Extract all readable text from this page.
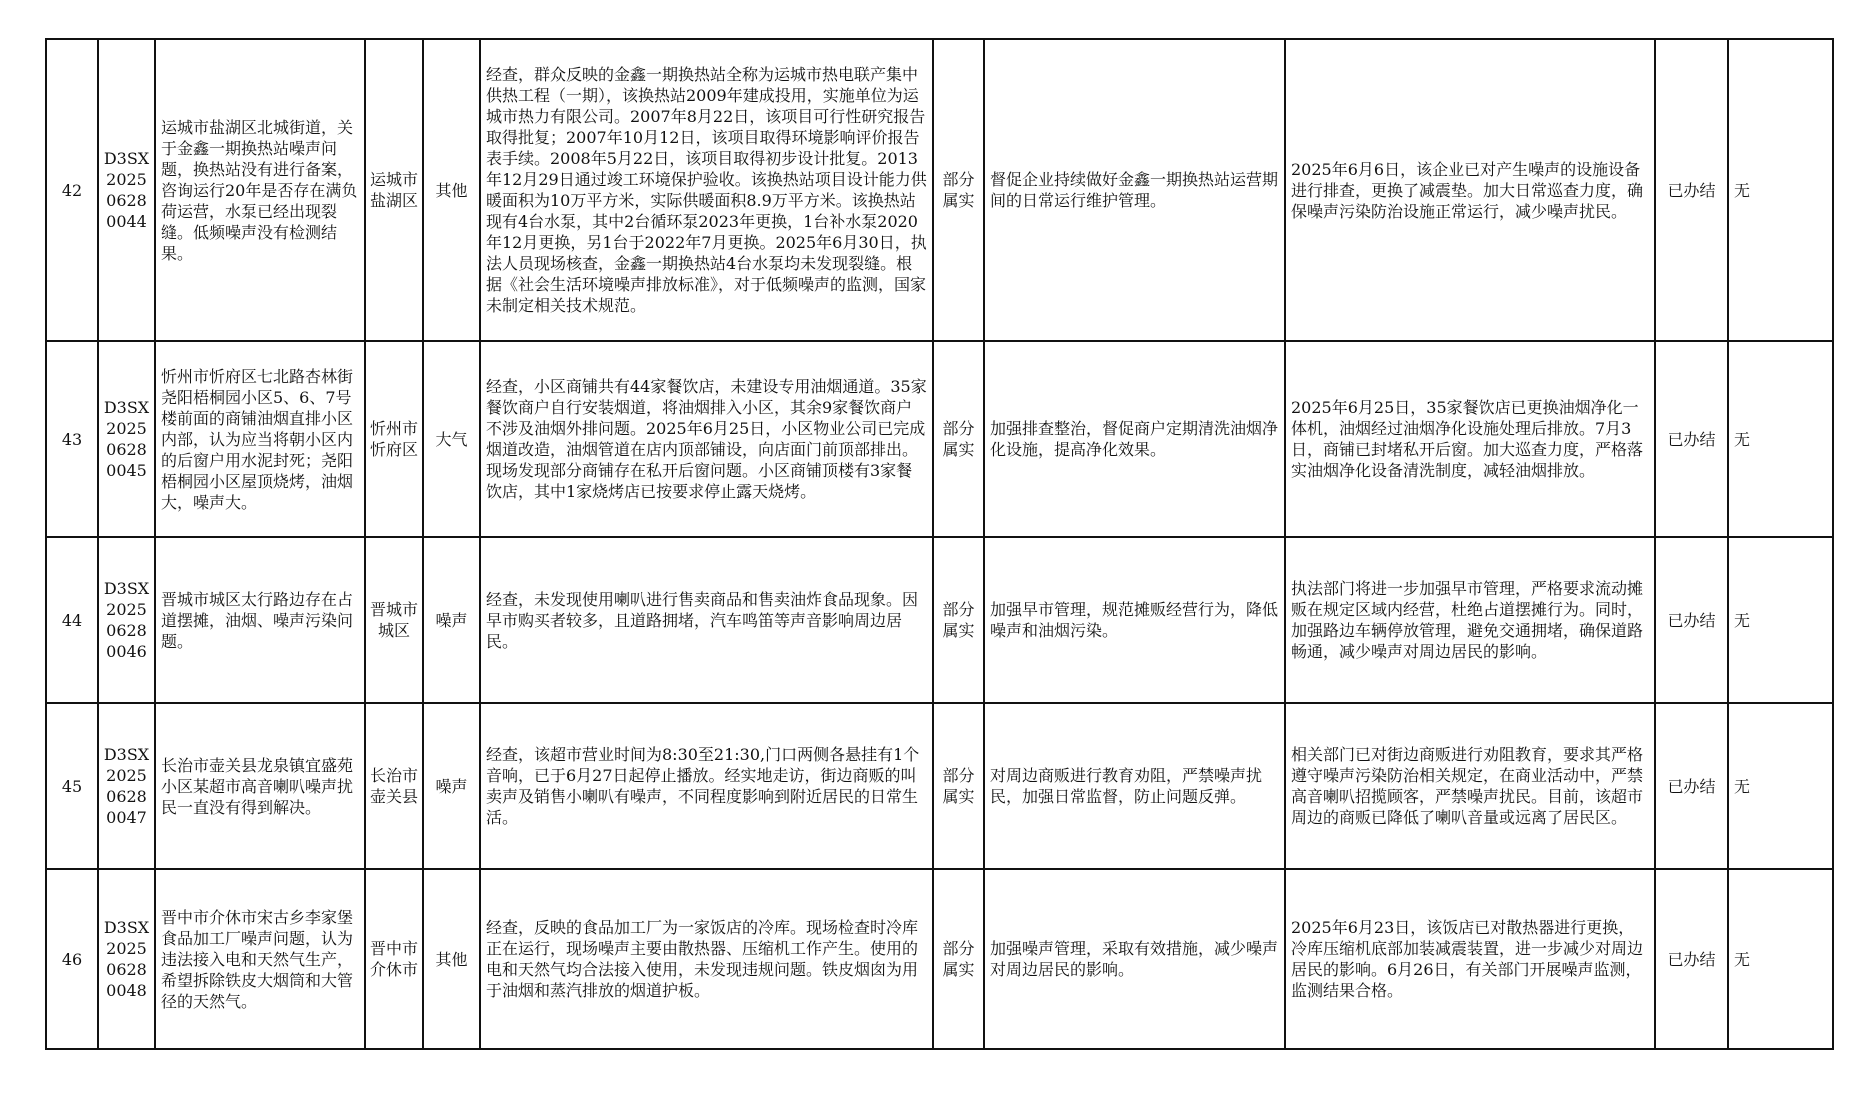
42	D3SX202506280044	运城市盐湖区北城街道，关于金鑫一期换热站噪声问题，换热站没有进行备案，咨询运行20年是否存在满负荷运营，水泵已经出现裂缝。低频噪声没有检测结果。	运城市盐湖区	其他	经查，群众反映的金鑫一期换热站全称为运城市热电联产集中供热工程（一期），该换热站2009年建成投用，实施单位为运城市热力有限公司。2007年8月22日，该项目可行性研究报告取得批复；2007年10月12日，该项目取得环境影响评价报告表手续。2008年5月22日，该项目取得初步设计批复。2013年12月29日通过竣工环境保护验收。该换热站项目设计能力供暖面积为10万平方米，实际供暖面积8.9万平方米。该换热站现有4台水泵，其中2台循环泵2023年更换，1台补水泵2020年12月更换，另1台于2022年7月更换。2025年6月30日，执法人员现场核查，金鑫一期换热站4台水泵均未发现裂缝。根据《社会生活环境噪声排放标准》，对于低频噪声的监测，国家未制定相关技术规范。	部分属实	督促企业持续做好金鑫一期换热站运营期间的日常运行维护管理。	2025年6月6日，该企业已对产生噪声的设施设备进行排查，更换了减震垫。加大日常巡查力度，确保噪声污染防治设施正常运行，减少噪声扰民。	已办结	无
43	D3SX202506280045	忻州市忻府区七北路杏林街尧阳梧桐园小区5、6、7号楼前面的商铺油烟直排小区内部，认为应当将朝小区内的后窗户用水泥封死；尧阳梧桐园小区屋顶烧烤，油烟大，噪声大。	忻州市忻府区	大气	经查，小区商铺共有44家餐饮店，未建设专用油烟通道。35家餐饮商户自行安装烟道，将油烟排入小区，其余9家餐饮商户不涉及油烟外排问题。2025年6月25日，小区物业公司已完成烟道改造，油烟管道在店内顶部铺设，向店面门前顶部排出。现场发现部分商铺存在私开后窗问题。小区商铺顶楼有3家餐饮店，其中1家烧烤店已按要求停止露天烧烤。	部分属实	加强排查整治，督促商户定期清洗油烟净化设施，提高净化效果。	2025年6月25日，35家餐饮店已更换油烟净化一体机，油烟经过油烟净化设施处理后排放。7月3日，商铺已封堵私开后窗。加大巡查力度，严格落实油烟净化设备清洗制度，减轻油烟排放。	已办结	无
44	D3SX202506280046	晋城市城区太行路边存在占道摆摊，油烟、噪声污染问题。	晋城市城区	噪声	经查，未发现使用喇叭进行售卖商品和售卖油炸食品现象。因早市购买者较多，且道路拥堵，汽车鸣笛等声音影响周边居民。	部分属实	加强早市管理，规范摊贩经营行为，降低噪声和油烟污染。	执法部门将进一步加强早市管理，严格要求流动摊贩在规定区域内经营，杜绝占道摆摊行为。同时，加强路边车辆停放管理，避免交通拥堵，确保道路畅通，减少噪声对周边居民的影响。	已办结	无
45	D3SX202506280047	长治市壶关县龙泉镇宜盛苑小区某超市高音喇叭噪声扰民一直没有得到解决。	长治市壶关县	噪声	经查，该超市营业时间为8:30至21:30,门口两侧各悬挂有1个音响，已于6月27日起停止播放。经实地走访，街边商贩的叫卖声及销售小喇叭有噪声，不同程度影响到附近居民的日常生活。	部分属实	对周边商贩进行教育劝阻，严禁噪声扰民，加强日常监督，防止问题反弹。	相关部门已对街边商贩进行劝阻教育，要求其严格遵守噪声污染防治相关规定，在商业活动中，严禁高音喇叭招揽顾客，严禁噪声扰民。目前，该超市周边的商贩已降低了喇叭音量或远离了居民区。	已办结	无
46	D3SX202506280048	晋中市介休市宋古乡李家堡食品加工厂噪声问题，认为违法接入电和天然气生产，希望拆除铁皮大烟筒和大管径的天然气。	晋中市介休市	其他	经查，反映的食品加工厂为一家饭店的冷库。现场检查时冷库正在运行，现场噪声主要由散热器、压缩机工作产生。使用的电和天然气均合法接入使用，未发现违规问题。铁皮烟囱为用于油烟和蒸汽排放的烟道护板。	部分属实	加强噪声管理，采取有效措施，减少噪声对周边居民的影响。	2025年6月23日，该饭店已对散热器进行更换，冷库压缩机底部加装减震装置，进一步减少对周边居民的影响。6月26日，有关部门开展噪声监测，监测结果合格。	已办结	无
